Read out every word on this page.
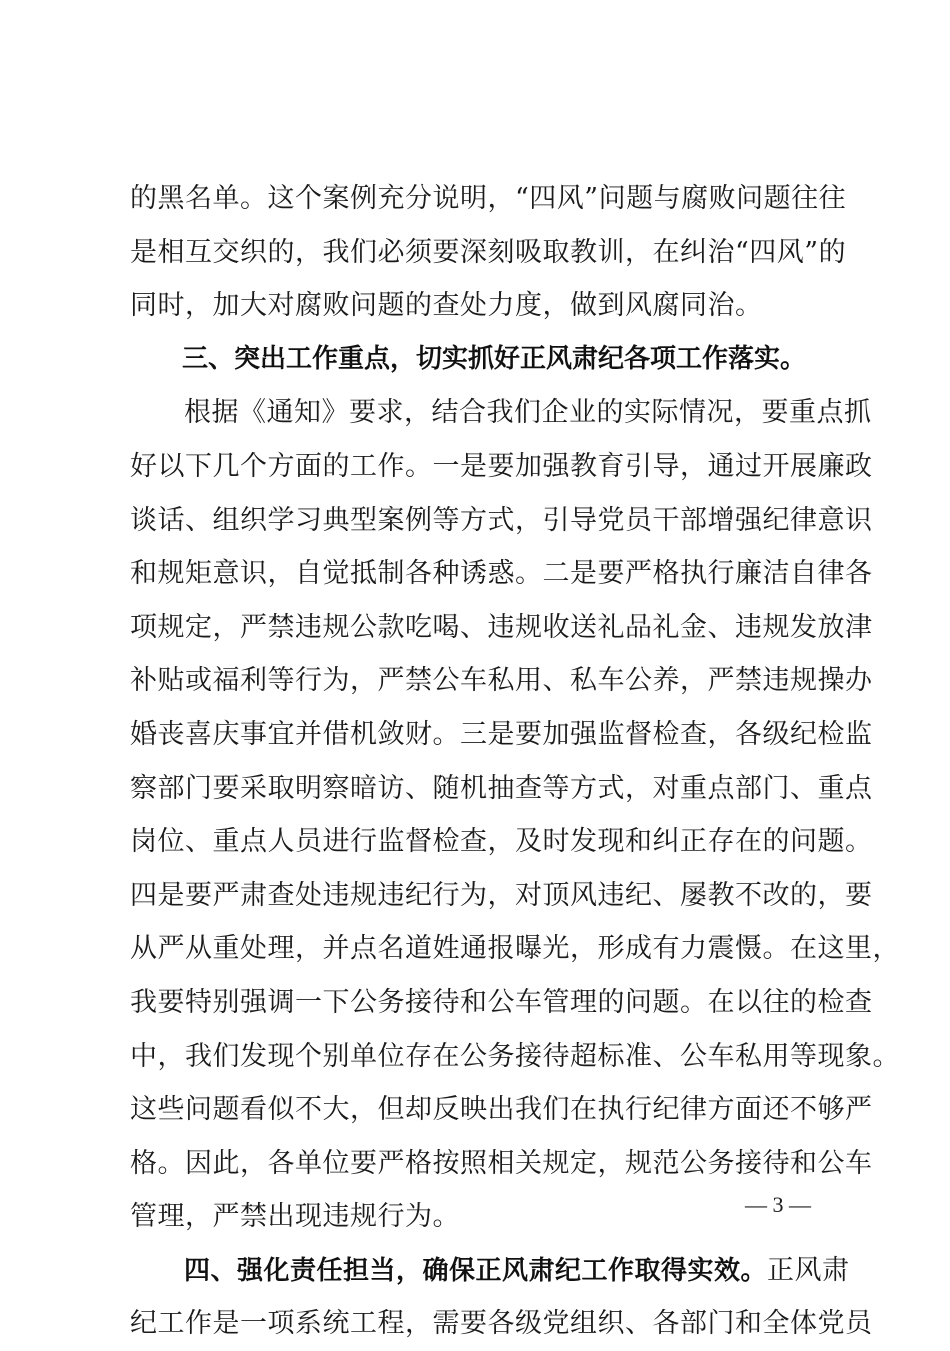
的黑名单。这个案例充分说明，“四风”问题与腐败问题往往
是相互交织的，我们必须要深刻吸取教训，在纠治“四风”的
同时，加大对腐败问题的查处力度，做到风腐同治。
三、突出工作重点，切实抓好正风肃纪各项工作落实。
根据《通知》要求，结合我们企业的实际情况，要重点抓
好以下几个方面的工作。一是要加强教育引导，通过开展廉政
谈话、组织学习典型案例等方式，引导党员干部增强纪律意识
和规矩意识，自觉抵制各种诱惑。二是要严格执行廉洁自律各
项规定，严禁违规公款吃喝、违规收送礼品礼金、违规发放津
补贴或福利等行为，严禁公车私用、私车公养，严禁违规操办
婚丧喜庆事宜并借机敛财。三是要加强监督检查，各级纪检监
察部门要采取明察暗访、随机抽查等方式，对重点部门、重点
岗位、重点人员进行监督检查，及时发现和纠正存在的问题。
四是要严肃查处违规违纪行为，对顶风违纪、屡教不改的，要
从严从重处理，并点名道姓通报曝光，形成有力震慑。在这里，
我要特别强调一下公务接待和公车管理的问题。在以往的检查
中，我们发现个别单位存在公务接待超标准、公车私用等现象。
这些问题看似不大，但却反映出我们在执行纪律方面还不够严
格。因此，各单位要严格按照相关规定，规范公务接待和公车
管理，严禁出现违规行为。
四、强化责任担当，确保正风肃纪工作取得实效。正风肃
纪工作是一项系统工程，需要各级党组织、各部门和全体党员
— 3 —
